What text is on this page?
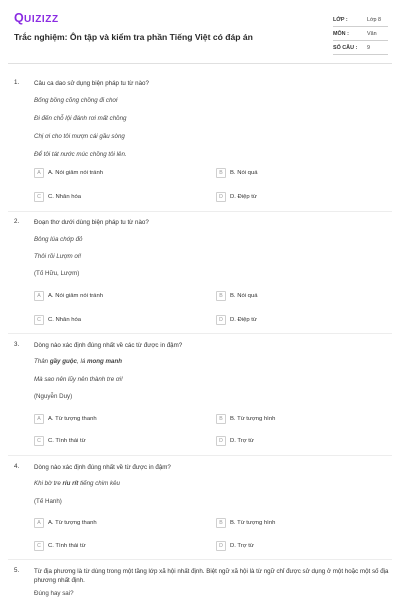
Q UIZIZZ
Trắc nghiệm: Ôn tập và kiểm tra phần Tiếng Việt có đáp án
LỚP :	Lớp 8
MÔN :	Văn
SỐ CÂU :	9
1.	Câu ca dao sử dụng biện pháp tu từ nào?
Bống bồng cõng chồng đi chơi
Đi đến chỗ lội đánh rơi mất chồng
Chị ơi cho tôi mượn cái gầu sòng
Để tôi tát nước múc chồng tôi lên.
A	A. Nói giảm nói tránh	B	B. Nói quá
C	C. Nhân hóa	D	D. Điệp từ
2.	Đoạn thơ dưới dùng biện pháp tu từ nào?
Bông lúa chớp đỏ
Thôi rồi Lượm ơi!
(Tố Hữu, Lượm)
A	A. Nói giảm nói tránh	B	B. Nói quá
C	C. Nhân hóa	D	D. Điệp từ
3.	Dòng nào xác định đúng nhất về các từ được in đậm?
Thân gầy guộc, lá mong manh
Mà sao nên lũy nên thành tre ơi!
(Nguyễn Duy)
A	A. Từ tượng thanh	B	B. Từ tượng hình
C	C. Tình thái từ	D	D. Trợ từ
4.	Dòng nào xác định đúng nhất về từ được in đậm?
Khi bờ tre ríu rít tiếng chim kêu
(Tế Hanh)
A	A. Từ tượng thanh	B	B. Từ tượng hình
C	C. Tình thái từ	D	D. Trợ từ
5.	Từ địa phương là từ dùng trong một tầng lớp xã hội nhất định. Biệt ngữ xã hội là từ ngữ chỉ được sử dụng ở một hoặc một số địa phương nhất định.
Đúng hay sai?
